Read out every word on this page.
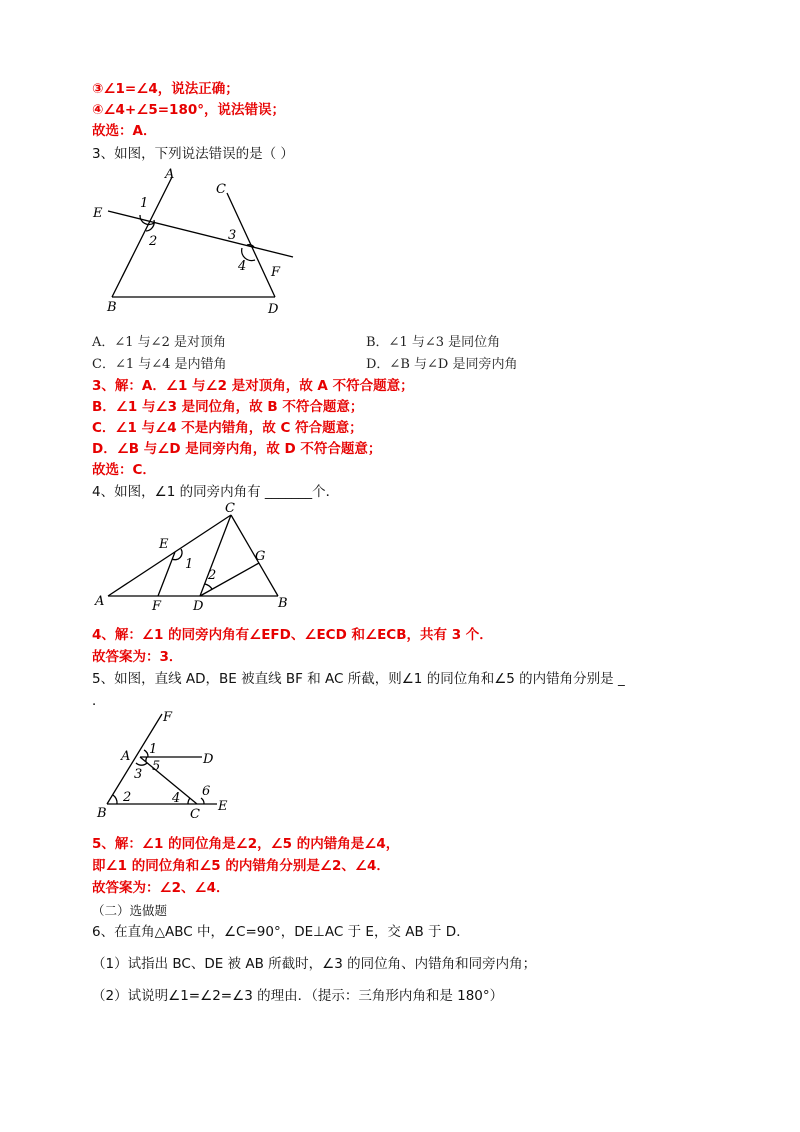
③∠1=∠4，说法正确；
④∠4+∠5=180°，说法错误；
故选：A．
3、如图，下列说法错误的是（ ）
A
C
E
1
2	3
4 F
B	D
A．∠1 与∠2 是对顶角	B．∠1 与∠3 是同位角
C．∠1 与∠4 是内错角	D．∠B 与∠D 是同旁内角
3、解：A．∠1 与∠2 是对顶角，故 A 不符合题意；
B．∠1 与∠3 是同位角，故 B 不符合题意；
C．∠1 与∠4 不是内错角，故 C 符合题意；
D．∠B 与∠D 是同旁内角，故 D 不符合题意；
故选：C．
4、如图，∠1 的同旁内角有 _______个．
C
E
1
G
2
A	F D	B
4、解：∠1 的同旁内角有∠EFD、∠ECD 和∠ECB，共有 3 个．
故答案为：3．
5、如图，直线 AD，BE 被直线 BF 和 AC 所截，则∠1 的同位角和∠5 的内错角分别是 _
．
F
A 1
D
5
3
2	4 6
B	C
E
5、解：∠1 的同位角是∠2，∠5 的内错角是∠4，
即∠1 的同位角和∠5 的内错角分别是∠2、∠4．
故答案为：∠2、∠4．
（二）选做题
6、在直角△ABC 中，∠C=90°，DE⊥AC 于 E，交 AB 于 D．
（1）试指出 BC、DE 被 AB 所截时，∠3 的同位角、内错角和同旁内角；
（2）试说明∠1=∠2=∠3 的理由．（提示：三角形内角和是 180°）
